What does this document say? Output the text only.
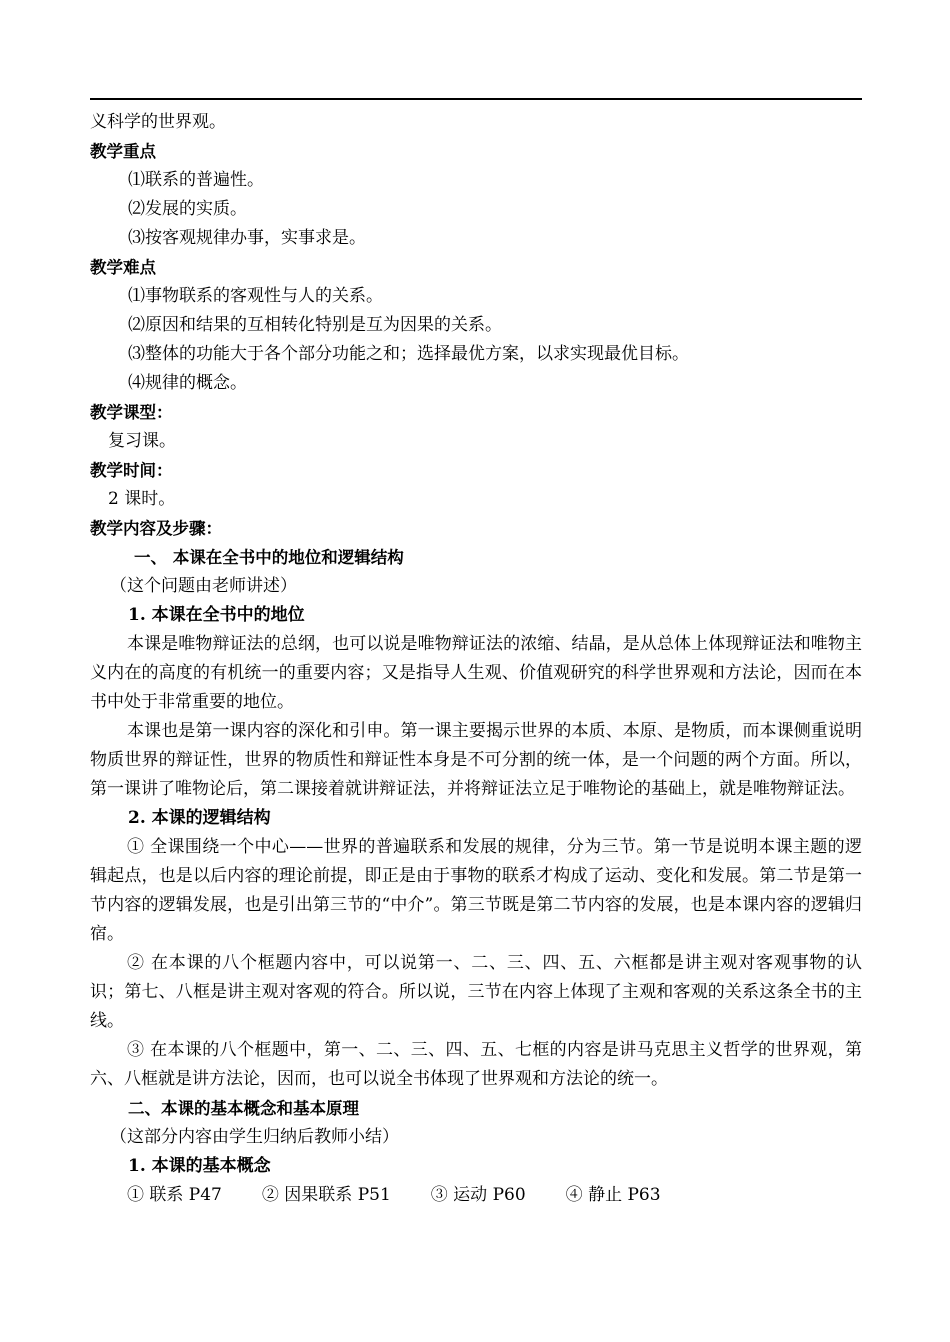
义科学的世界观。
教学重点
⑴联系的普遍性。
⑵发展的实质。
⑶按客观规律办事，实事求是。
教学难点
⑴事物联系的客观性与人的关系。
⑵原因和结果的互相转化特别是互为因果的关系。
⑶整体的功能大于各个部分功能之和；选择最优方案，以求实现最优目标。
⑷规律的概念。
教学课型：
复习课。
教学时间：
2 课时。
教学内容及步骤：
一、 本课在全书中的地位和逻辑结构
（这个问题由老师讲述）
1. 本课在全书中的地位
本课是唯物辩证法的总纲，也可以说是唯物辩证法的浓缩、结晶，是从总体上体现辩证法和唯物主义内在的高度的有机统一的重要内容；又是指导人生观、价值观研究的科学世界观和方法论，因而在本书中处于非常重要的地位。
本课也是第一课内容的深化和引申。第一课主要揭示世界的本质、本原、是物质，而本课侧重说明物质世界的辩证性，世界的物质性和辩证性本身是不可分割的统一体，是一个问题的两个方面。所以，第一课讲了唯物论后，第二课接着就讲辩证法，并将辩证法立足于唯物论的基础上，就是唯物辩证法。
2. 本课的逻辑结构
① 全课围绕一个中心——世界的普遍联系和发展的规律，分为三节。第一节是说明本课主题的逻辑起点，也是以后内容的理论前提，即正是由于事物的联系才构成了运动、变化和发展。第二节是第一节内容的逻辑发展，也是引出第三节的“中介”。第三节既是第二节内容的发展，也是本课内容的逻辑归宿。
② 在本课的八个框题内容中，可以说第一、二、三、四、五、六框都是讲主观对客观事物的认识；第七、八框是讲主观对客观的符合。所以说，三节在内容上体现了主观和客观的关系这条全书的主线。
③ 在本课的八个框题中，第一、二、三、四、五、七框的内容是讲马克思主义哲学的世界观，第六、八框就是讲方法论，因而，也可以说全书体现了世界观和方法论的统一。
二、本课的基本概念和基本原理
（这部分内容由学生归纳后教师小结）
1. 本课的基本概念
① 联系 P47 ② 因果联系 P51 ③ 运动 P60 ④ 静止 P63
